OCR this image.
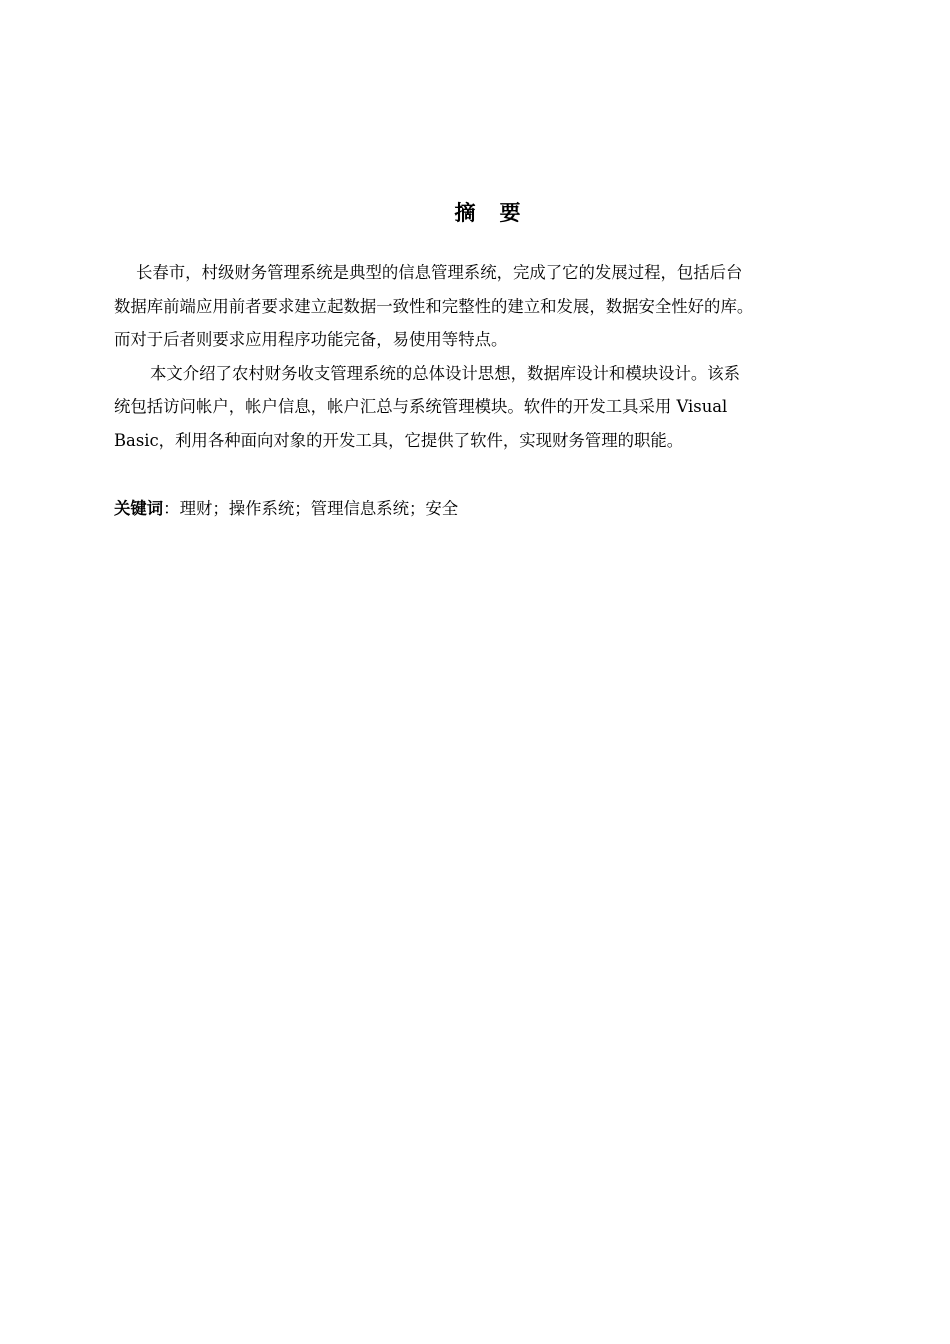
摘 要

长春市，村级财务管理系统是典型的信息管理系统，完成了它的发展过程，包括后台
数据库前端应用前者要求建立起数据一致性和完整性的建立和发展，数据安全性好的库。
而对于后者则要求应用程序功能完备，易使用等特点。

本文介绍了农村财务收支管理系统的总体设计思想，数据库设计和模块设计。该系
统包括访问帐户，帐户信息，帐户汇总与系统管理模块。软件的开发工具采用 Visual
Basic，利用各种面向对象的开发工具，它提供了软件，实现财务管理的职能。

关键词：理财；操作系统；管理信息系统；安全
